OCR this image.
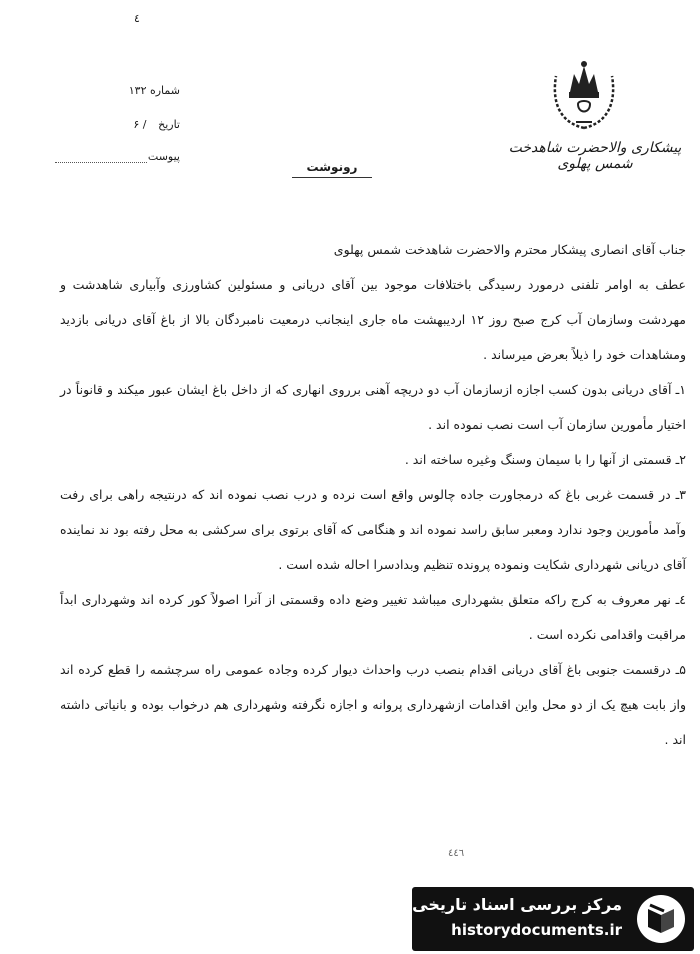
٤
پیشکاری والاحضرت شاهدخت شمس پهلوی
شماره ۱۳۲
تاریخ / ۶
پیوست
رونوشت

جناب آقای انصاری پیشکار محترم والاحضرت شاهدخت شمس پهلوی

عطف به اوامر تلفنی درمورد رسیدگی باختلافات موجود بین آقای دریانی و مسئولین کشاورزی وآبیاری شاهدشت و مهردشت وسازمان آب کرج صبح روز ۱۲ اردیبهشت ماه جاری اینجانب درمعیت نامبردگان بالا از باغ آقای دریانی بازدید ومشاهدات خود را ذیلاً بعرض میرساند .

۱ـ آقای دریانی بدون کسب اجازه ازسازمان آب دو دریچه آهنی برروی انهاری که از داخل باغ ایشان عبور میکند و قانوناً در اختیار مأمورین سازمان آب است نصب نموده اند .

۲ـ قسمتی از آنها را با سیمان وسنگ وغیره ساخته اند .

۳ـ در قسمت غربی باغ که درمجاورت جاده چالوس واقع است نرده و درب نصب نموده اند که درنتیجه راهی برای رفت وآمد مأمورین وجود ندارد ومعبر سابق راسد نموده اند و هنگامی که آقای برتوی برای سرکشی به محل رفته بود ند نماینده آقای دریانی شهرداری شکایت ونموده پرونده تنظیم وبدادسرا احاله شده است .

٤ـ نهر معروف به کرج راکه متعلق بشهرداری میباشد تغییر وضع داده وقسمتی از آنرا اصولاً کور کرده اند وشهرداری ابداً مراقبت واقدامی نکرده است .

۵ـ درقسمت جنوبی باغ آقای دریانی اقدام بنصب درب واحداث دیوار کرده وجاده عمومی راه سرچشمه را قطع کرده اند واز بابت هیچ یک از دو محل واین اقدامات ازشهرداری پروانه و اجازه نگرفته وشهرداری هم درخواب بوده و بانیاتی داشته اند .

٤٤٦
مرکز بررسی اسناد تاریخی
historydocuments.ir
